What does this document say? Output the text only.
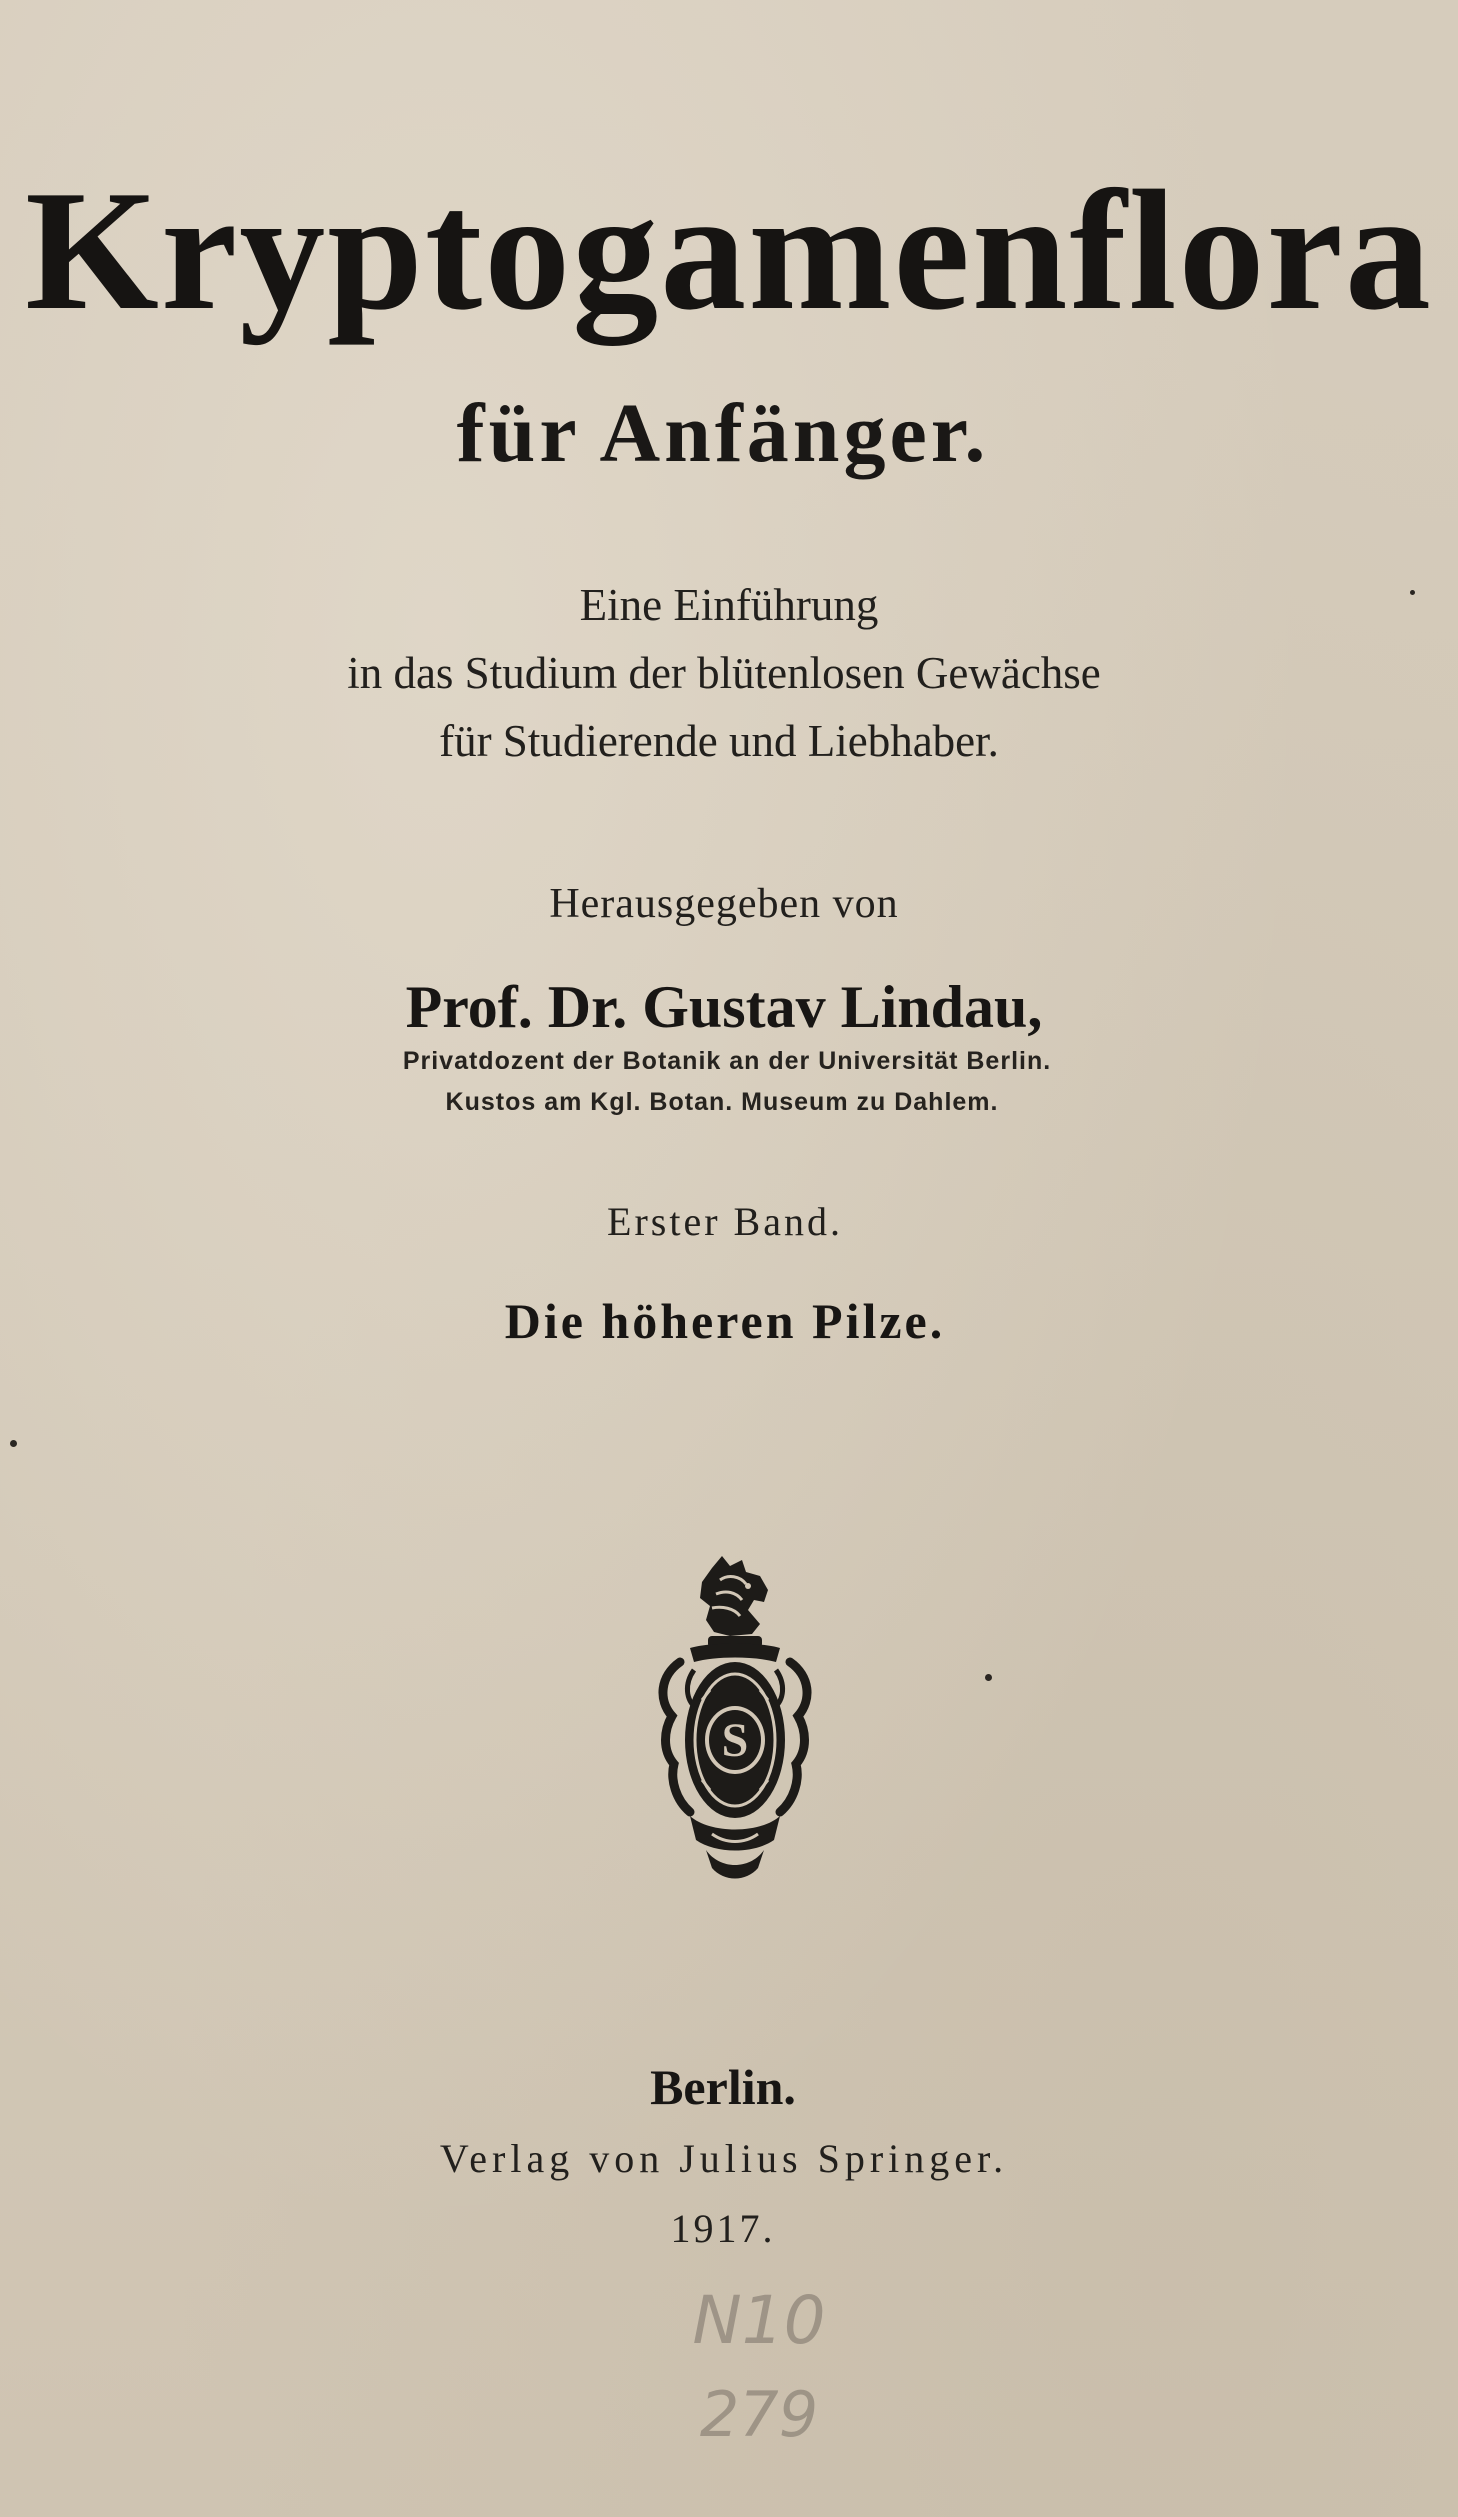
Kryptogamenflora
für Anfänger.
Eine Einführung
in das Studium der blütenlosen Gewächse
für Studierende und Liebhaber.
Herausgegeben von
Prof. Dr. Gustav Lindau,
Privatdozent der Botanik an der Universität Berlin.
Kustos am Kgl. Botan. Museum zu Dahlem.
Erster Band.
Die höheren Pilze.
S
Berlin.
Verlag von Julius Springer.
1917.
N10
279
